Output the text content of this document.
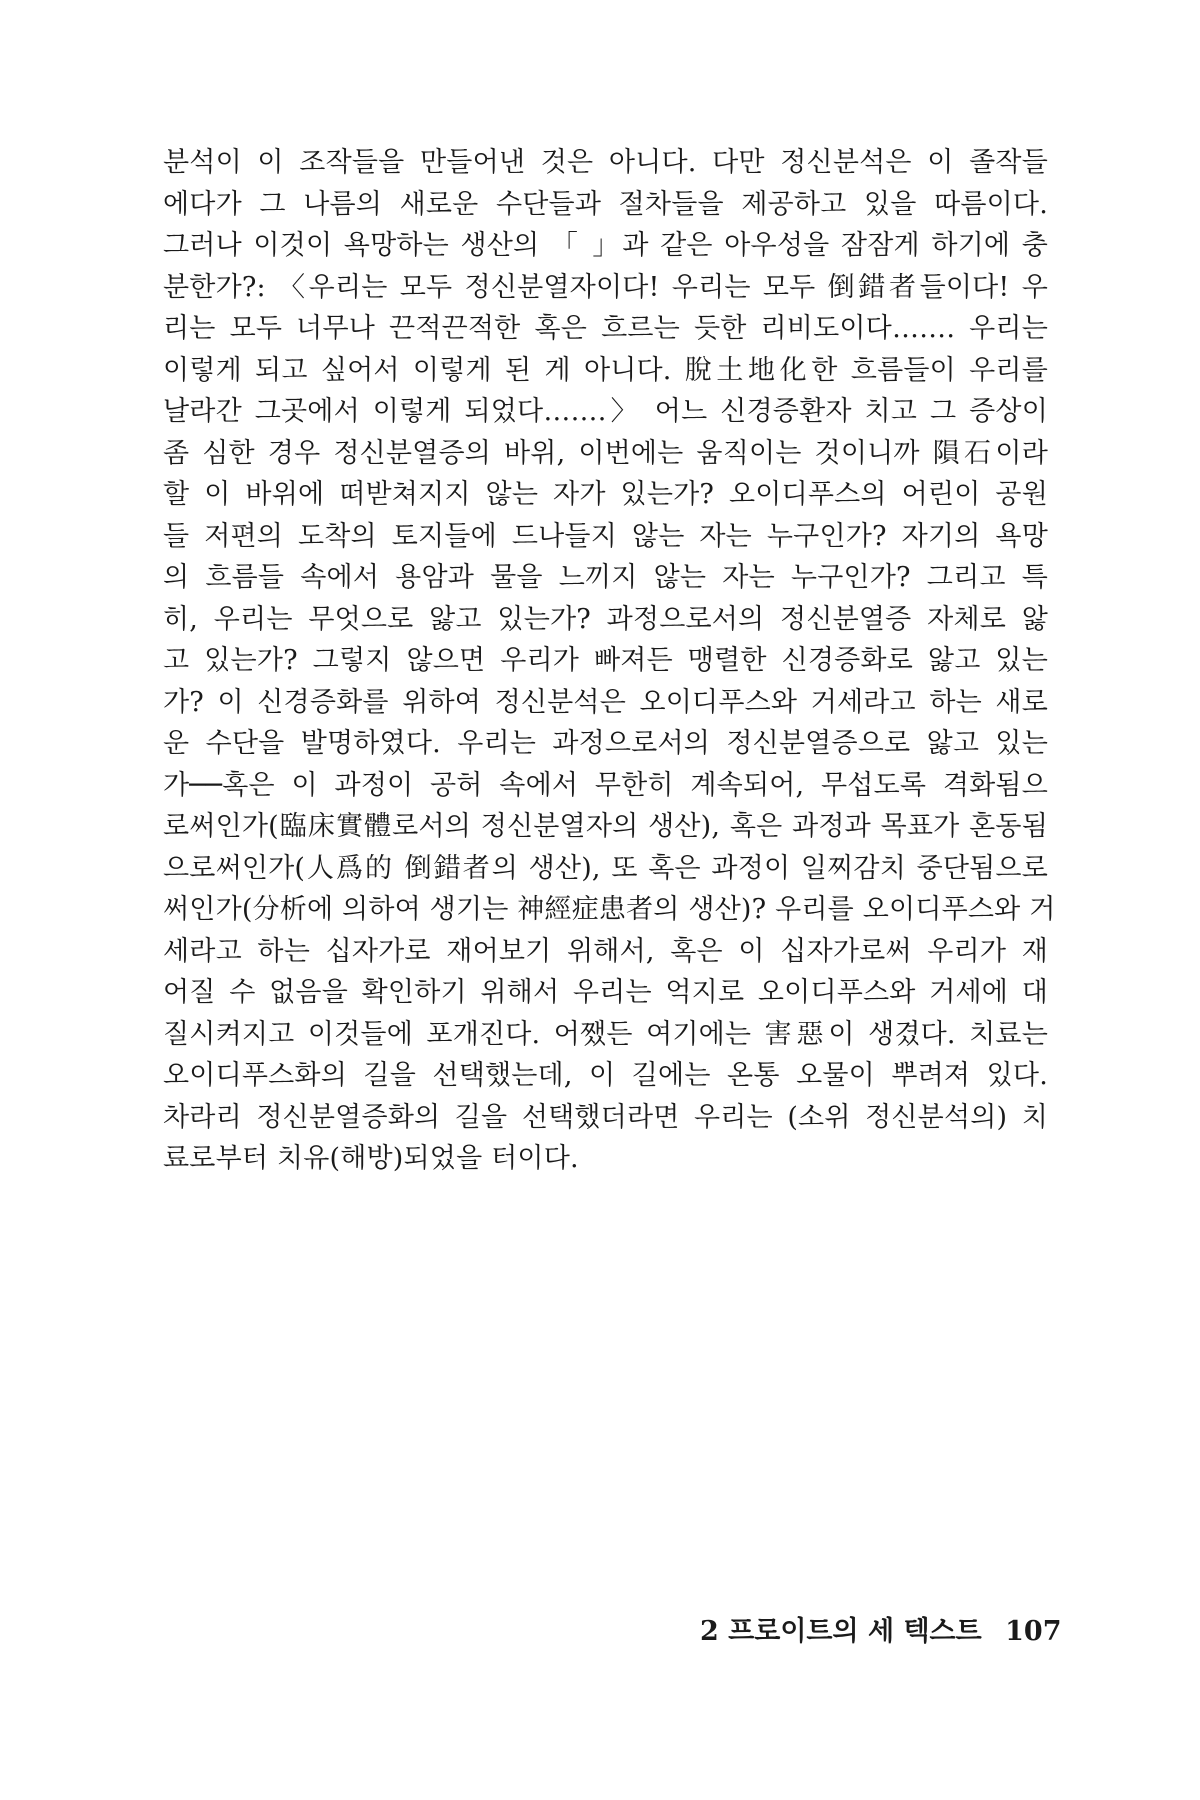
분석이 이 조작들을 만들어낸 것은 아니다. 다만 정신분석은 이 졸작들
에다가 그 나름의 새로운 수단들과 절차들을 제공하고 있을 따름이다.
그러나 이것이 욕망하는 생산의 「 」과 같은 아우성을 잠잠게 하기에 충
분한가?: 〈우리는 모두 정신분열자이다! 우리는 모두 倒錯者들이다! 우
리는 모두 너무나 끈적끈적한 혹은 흐르는 듯한 리비도이다……. 우리는
이렇게 되고 싶어서 이렇게 된 게 아니다. 脫土地化한 흐름들이 우리를
날라간 그곳에서 이렇게 되었다…….〉 어느 신경증환자 치고 그 증상이
좀 심한 경우 정신분열증의 바위, 이번에는 움직이는 것이니까 隕石이라
할 이 바위에 떠받쳐지지 않는 자가 있는가? 오이디푸스의 어린이 공원
들 저편의 도착의 토지들에 드나들지 않는 자는 누구인가? 자기의 욕망
의 흐름들 속에서 용암과 물을 느끼지 않는 자는 누구인가? 그리고 특
히, 우리는 무엇으로 앓고 있는가? 과정으로서의 정신분열증 자체로 앓
고 있는가? 그렇지 않으면 우리가 빠져든 맹렬한 신경증화로 앓고 있는
가? 이 신경증화를 위하여 정신분석은 오이디푸스와 거세라고 하는 새로
운 수단을 발명하였다. 우리는 과정으로서의 정신분열증으로 앓고 있는
가──혹은 이 과정이 공허 속에서 무한히 계속되어, 무섭도록 격화됨으
로써인가(臨床實體로서의 정신분열자의 생산), 혹은 과정과 목표가 혼동됨
으로써인가(人爲的 倒錯者의 생산), 또 혹은 과정이 일찌감치 중단됨으로
써인가(分析에 의하여 생기는 神經症患者의 생산)? 우리를 오이디푸스와 거
세라고 하는 십자가로 재어보기 위해서, 혹은 이 십자가로써 우리가 재
어질 수 없음을 확인하기 위해서 우리는 억지로 오이디푸스와 거세에 대
질시켜지고 이것들에 포개진다. 어쨌든 여기에는 害惡이 생겼다. 치료는
오이디푸스화의 길을 선택했는데, 이 길에는 온통 오물이 뿌려져 있다.
차라리 정신분열증화의 길을 선택했더라면 우리는 (소위 정신분석의) 치
료로부터 치유(해방)되었을 터이다.
2 프로이트의 세 텍스트 107
